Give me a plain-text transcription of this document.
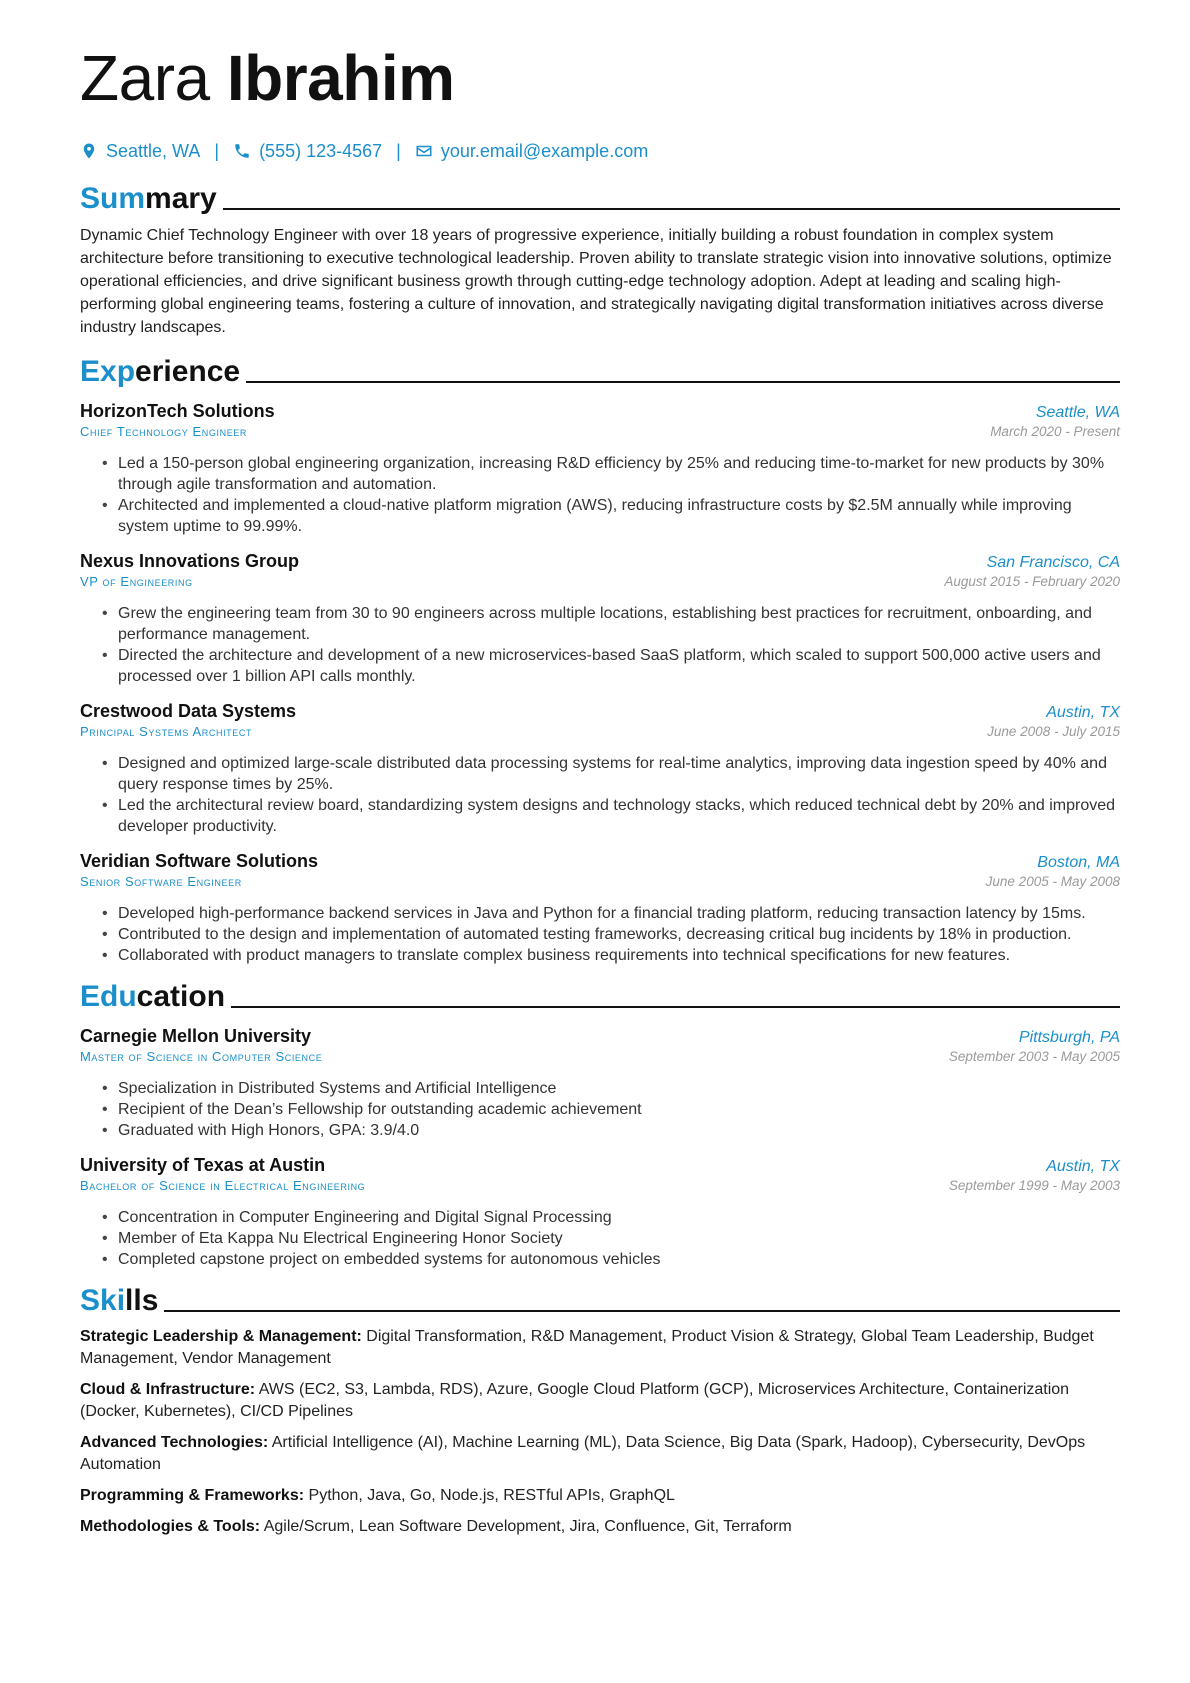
Zara Ibrahim
Seattle, WA | (555) 123-4567 | your.email@example.com
Summary
Dynamic Chief Technology Engineer with over 18 years of progressive experience, initially building a robust foundation in complex system architecture before transitioning to executive technological leadership. Proven ability to translate strategic vision into innovative solutions, optimize operational efficiencies, and drive significant business growth through cutting-edge technology adoption. Adept at leading and scaling high-performing global engineering teams, fostering a culture of innovation, and strategically navigating digital transformation initiatives across diverse industry landscapes.
Experience
HorizonTech Solutions	Seattle, WA
Chief Technology Engineer	March 2020 - Present
• Led a 150-person global engineering organization, increasing R&D efficiency by 25% and reducing time-to-market for new products by 30% through agile transformation and automation.
• Architected and implemented a cloud-native platform migration (AWS), reducing infrastructure costs by $2.5M annually while improving system uptime to 99.99%.
Nexus Innovations Group	San Francisco, CA
VP of Engineering	August 2015 - February 2020
• Grew the engineering team from 30 to 90 engineers across multiple locations, establishing best practices for recruitment, onboarding, and performance management.
• Directed the architecture and development of a new microservices-based SaaS platform, which scaled to support 500,000 active users and processed over 1 billion API calls monthly.
Crestwood Data Systems	Austin, TX
Principal Systems Architect	June 2008 - July 2015
• Designed and optimized large-scale distributed data processing systems for real-time analytics, improving data ingestion speed by 40% and query response times by 25%.
• Led the architectural review board, standardizing system designs and technology stacks, which reduced technical debt by 20% and improved developer productivity.
Veridian Software Solutions	Boston, MA
Senior Software Engineer	June 2005 - May 2008
• Developed high-performance backend services in Java and Python for a financial trading platform, reducing transaction latency by 15ms.
• Contributed to the design and implementation of automated testing frameworks, decreasing critical bug incidents by 18% in production.
• Collaborated with product managers to translate complex business requirements into technical specifications for new features.
Education
Carnegie Mellon University	Pittsburgh, PA
Master of Science in Computer Science	September 2003 - May 2005
• Specialization in Distributed Systems and Artificial Intelligence
• Recipient of the Dean’s Fellowship for outstanding academic achievement
• Graduated with High Honors, GPA: 3.9/4.0
University of Texas at Austin	Austin, TX
Bachelor of Science in Electrical Engineering	September 1999 - May 2003
• Concentration in Computer Engineering and Digital Signal Processing
• Member of Eta Kappa Nu Electrical Engineering Honor Society
• Completed capstone project on embedded systems for autonomous vehicles
Skills
Strategic Leadership & Management: Digital Transformation, R&D Management, Product Vision & Strategy, Global Team Leadership, Budget Management, Vendor Management
Cloud & Infrastructure: AWS (EC2, S3, Lambda, RDS), Azure, Google Cloud Platform (GCP), Microservices Architecture, Containerization (Docker, Kubernetes), CI/CD Pipelines
Advanced Technologies: Artificial Intelligence (AI), Machine Learning (ML), Data Science, Big Data (Spark, Hadoop), Cybersecurity, DevOps Automation
Programming & Frameworks: Python, Java, Go, Node.js, RESTful APIs, GraphQL
Methodologies & Tools: Agile/Scrum, Lean Software Development, Jira, Confluence, Git, Terraform
